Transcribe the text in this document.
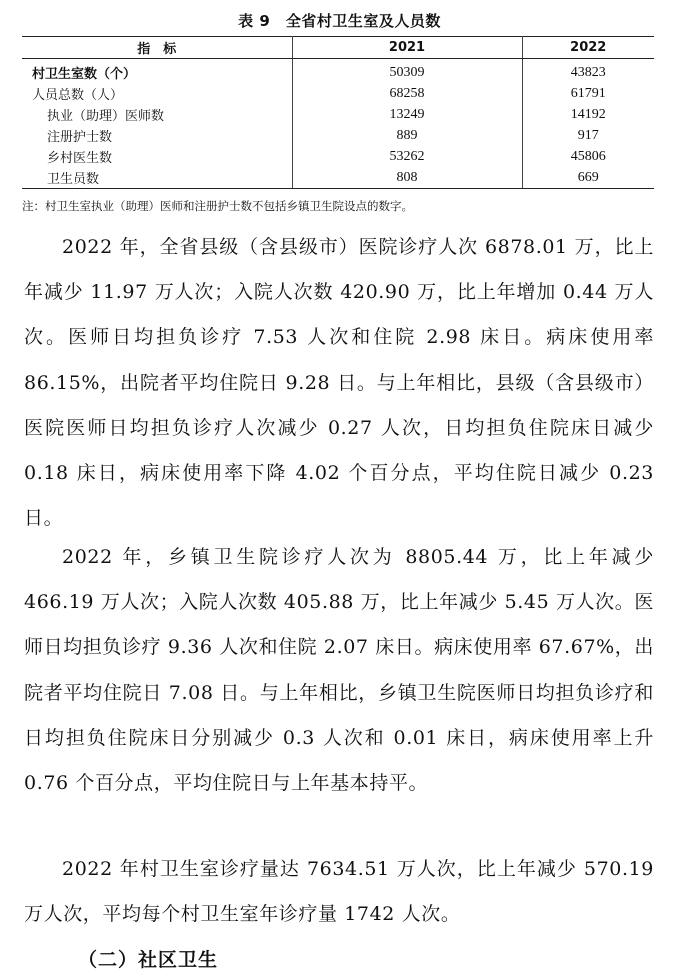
表 9　全省村卫生室及人员数
指　标	2021	2022
村卫生室数（个）	50309	43823
人员总数（人）	68258	61791
执业（助理）医师数	13249	14192
注册护士数	889	917
乡村医生数	53262	45806
卫生员数	808	669
注：村卫生室执业（助理）医师和注册护士数不包括乡镇卫生院设点的数字。

2022 年，全省县级（含县级市）医院诊疗人次 6878.01 万，比上年减少 11.97 万人次；入院人次数 420.90 万，比上年增加 0.44 万人次。医师日均担负诊疗 7.53 人次和住院 2.98 床日。病床使用率 86.15%，出院者平均住院日 9.28 日。与上年相比，县级（含县级市）医院医师日均担负诊疗人次减少 0.27 人次，日均担负住院床日减少 0.18 床日，病床使用率下降 4.02 个百分点，平均住院日减少 0.23 日。

2022 年，乡镇卫生院诊疗人次为 8805.44 万，比上年减少 466.19 万人次；入院人次数 405.88 万，比上年减少 5.45 万人次。医师日均担负诊疗 9.36 人次和住院 2.07 床日。病床使用率 67.67%，出院者平均住院日 7.08 日。与上年相比，乡镇卫生院医师日均担负诊疗和日均担负住院床日分别减少 0.3 人次和 0.01 床日，病床使用率上升 0.76 个百分点，平均住院日与上年基本持平。

2022 年村卫生室诊疗量达 7634.51 万人次，比上年减少 570.19 万人次，平均每个村卫生室年诊疗量 1742 人次。

（二）社区卫生
